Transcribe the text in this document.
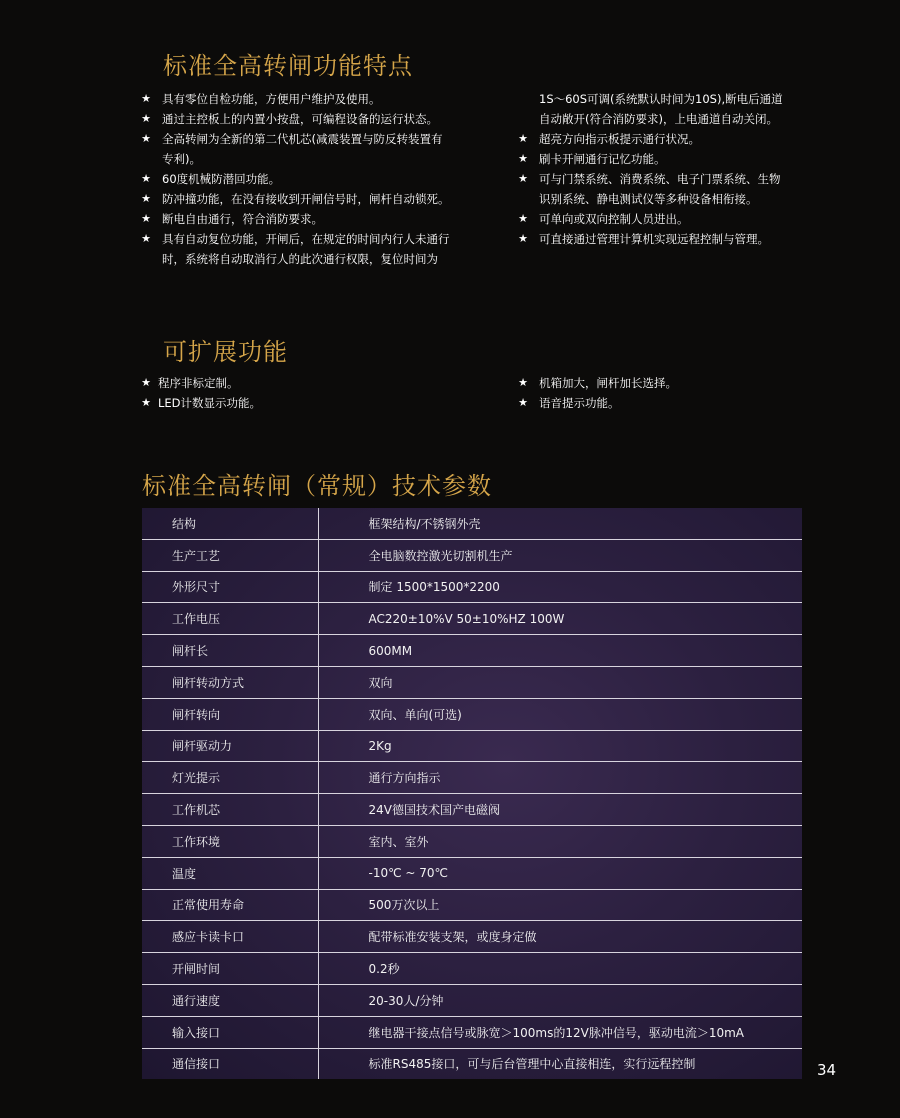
标准全高转闸功能特点
★ 具有零位自检功能，方便用户维护及使用。
★ 通过主控板上的内置小按盘，可编程设备的运行状态。
★ 全高转闸为全新的第二代机芯(减震装置与防反转装置有
专利)。
★ 60度机械防潜回功能。
★ 防冲撞功能，在没有接收到开闸信号时，闸杆自动锁死。
★ 断电自由通行，符合消防要求。
★ 具有自动复位功能，开闸后，在规定的时间内行人未通行
时，系统将自动取消行人的此次通行权限，复位时间为
1S～60S可调(系统默认时间为10S),断电后通道
自动敞开(符合消防要求)，上电通道自动关闭。
★ 超亮方向指示板提示通行状况。
★ 刷卡开闸通行记忆功能。
★ 可与门禁系统、消费系统、电子门票系统、生物
识别系统、静电测试仪等多种设备相衔接。
★ 可单向或双向控制人员进出。
★ 可直接通过管理计算机实现远程控制与管理。
可扩展功能
★ 程序非标定制。
★ LED计数显示功能。
★ 机箱加大，闸杆加长选择。
★ 语音提示功能。
标准全高转闸（常规）技术参数
结构	框架结构/不锈钢外壳
生产工艺	全电脑数控激光切割机生产
外形尺寸	制定 1500*1500*2200
工作电压	AC220±10%V 50±10%HZ 100W
闸杆长	600MM
闸杆转动方式	双向
闸杆转向	双向、单向(可选)
闸杆驱动力	2Kg
灯光提示	通行方向指示
工作机芯	24V德国技术国产电磁阀
工作环境	室内、室外
温度	-10℃ ~ 70℃
正常使用寿命	500万次以上
感应卡读卡口	配带标准安装支架，或度身定做
开闸时间	0.2秒
通行速度	20-30人/分钟
输入接口	继电器干接点信号或脉宽＞100ms的12V脉冲信号，驱动电流＞10mA
通信接口	标准RS485接口，可与后台管理中心直接相连，实行远程控制	34
